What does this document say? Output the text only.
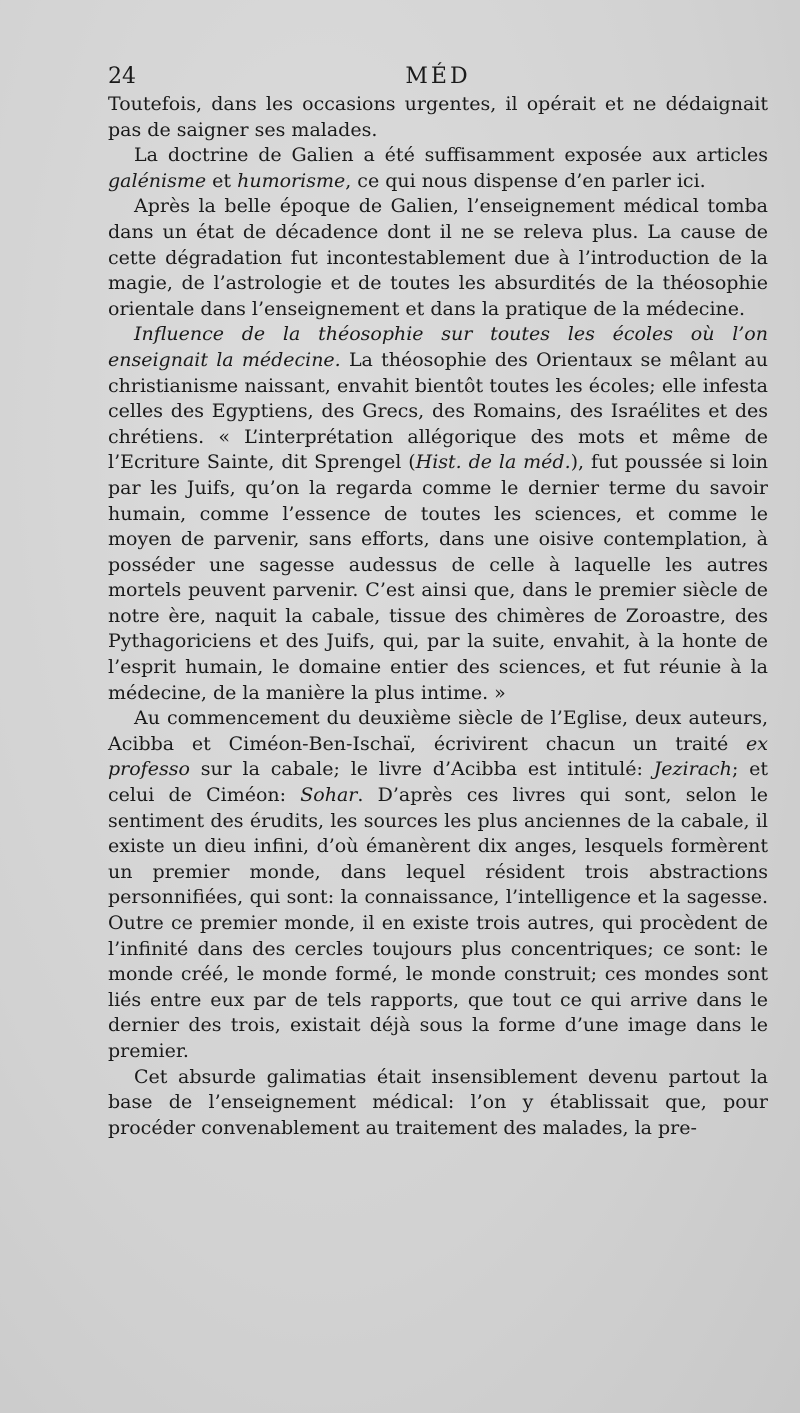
24	MÉD

Toutefois, dans les occasions urgentes, il opérait et ne dédaignait pas de saigner ses malades.

La doctrine de Galien a été suffisamment exposée aux articles galénisme et humorisme, ce qui nous dispense d’en parler ici.

Après la belle époque de Galien, l’enseignement médical tomba dans un état de décadence dont il ne se releva plus. La cause de cette dégradation fut incontestablement due à l’introduction de la magie, de l’astrologie et de toutes les absurdités de la théosophie orientale dans l’enseignement et dans la pratique de la médecine.

Influence de la théosophie sur toutes les écoles où l’on enseignait la médecine. La théosophie des Orientaux se mêlant au christianisme naissant, envahit bientôt toutes les écoles; elle infesta celles des Egyptiens, des Grecs, des Romains, des Israélites et des chrétiens. « L’interprétation allégorique des mots et même de l’Ecriture Sainte, dit Sprengel (Hist. de la méd.), fut poussée si loin par les Juifs, qu’on la regarda comme le dernier terme du savoir humain, comme l’essence de toutes les sciences, et comme le moyen de parvenir, sans efforts, dans une oisive contemplation, à posséder une sagesse audessus de celle à laquelle les autres mortels peuvent parvenir. C’est ainsi que, dans le premier siècle de notre ère, naquit la cabale, tissue des chimères de Zoroastre, des Pythagoriciens et des Juifs, qui, par la suite, envahit, à la honte de l’esprit humain, le domaine entier des sciences, et fut réunie à la médecine, de la manière la plus intime. »

Au commencement du deuxième siècle de l’Eglise, deux auteurs, Acibba et Ciméon-Ben-Ischaï, écrivirent chacun un traité ex professo sur la cabale; le livre d’Acibba est intitulé: Jezirach; et celui de Ciméon: Sohar. D’après ces livres qui sont, selon le sentiment des érudits, les sources les plus anciennes de la cabale, il existe un dieu infini, d’où émanèrent dix anges, lesquels formèrent un premier monde, dans lequel résident trois abstractions personnifiées, qui sont: la connaissance, l’intelligence et la sagesse. Outre ce premier monde, il en existe trois autres, qui procèdent de l’infinité dans des cercles toujours plus concentriques; ce sont: le monde créé, le monde formé, le monde construit; ces mondes sont liés entre eux par de tels rapports, que tout ce qui arrive dans le dernier des trois, existait déjà sous la forme d’une image dans le premier.

Cet absurde galimatias était insensiblement devenu partout la base de l’enseignement médical: l’on y établissait que, pour procéder convenablement au traitement des malades, la pre-
